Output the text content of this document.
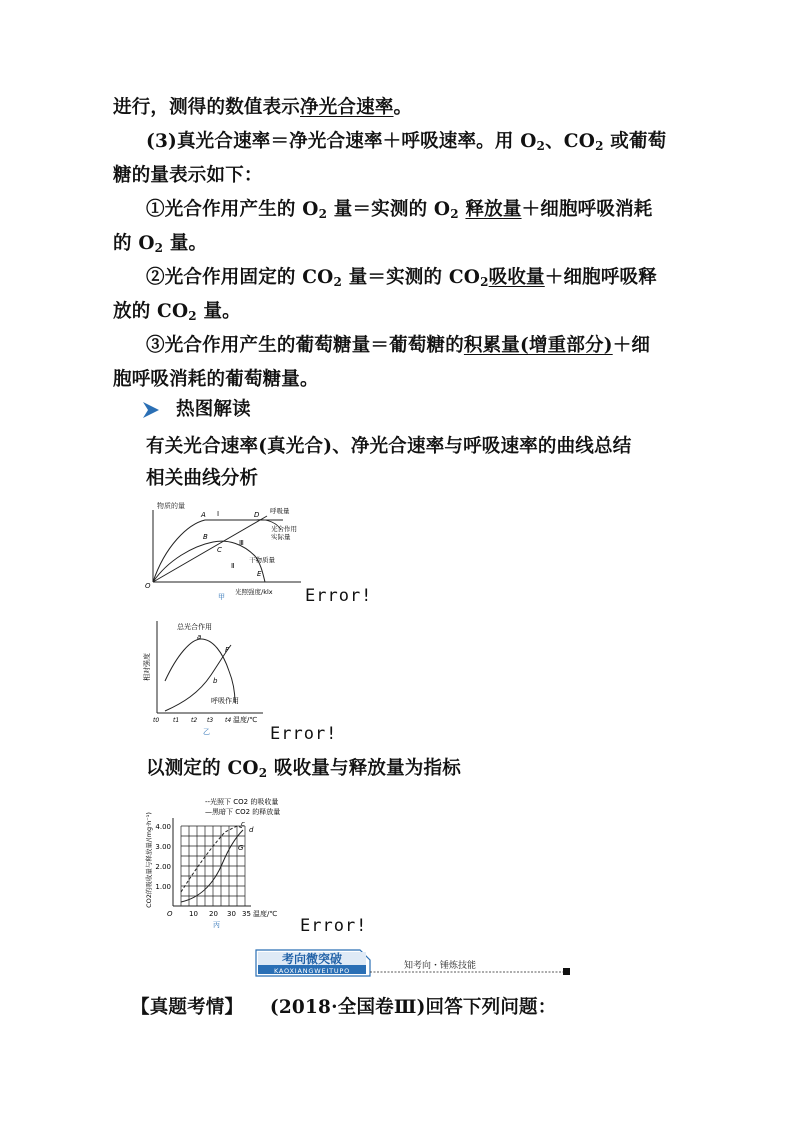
进行，测得的数值表示净光合速率。
(3)真光合速率＝净光合速率＋呼吸速率。用 $O_2$、$CO_2$ 或葡萄
糖的量表示如下：
①光合作用产生的 $O_2$ 量＝实测的 $O_2$ 释放量＋细胞呼吸消耗
的 $O_2$ 量。
②光合作用固定的 $CO_2$ 量＝实测的 $CO_2$吸收量＋细胞呼吸释
放的 $CO_2$ 量。
③光合作用产生的葡萄糖量＝葡萄糖的积累量(增重部分)＋细
胞呼吸消耗的葡萄糖量。
热图解读
有关光合速率(真光合)、净光合速率与呼吸速率的曲线总结
相关曲线分析
物质的量
A Ⅰ	D 呼吸量
光合作用
实际量
B
C
Ⅲ
Ⅱ
干物质量
E
O
甲
光照强度/klx Error!
相对强度
总光合作用
a
F
b
呼吸作用
t0 t1 t2 t3 t4 温度/℃
乙	Error!
以测定的 $CO_2$ 吸收量与释放量为指标
CO2的吸收量与释放量/(mg·h⁻¹)
--光照下 CO2 的吸收量
—黑暗下 CO2 的释放量
4.00
3.00
2.00
1.00
c
d
G
O 10 20 30 35 温度/℃
丙	Error!
考向微突破
KAOXIANGWEITUPO	知考向・锤炼技能
【真题考情】 (2018·全国卷Ⅲ)回答下列问题：
